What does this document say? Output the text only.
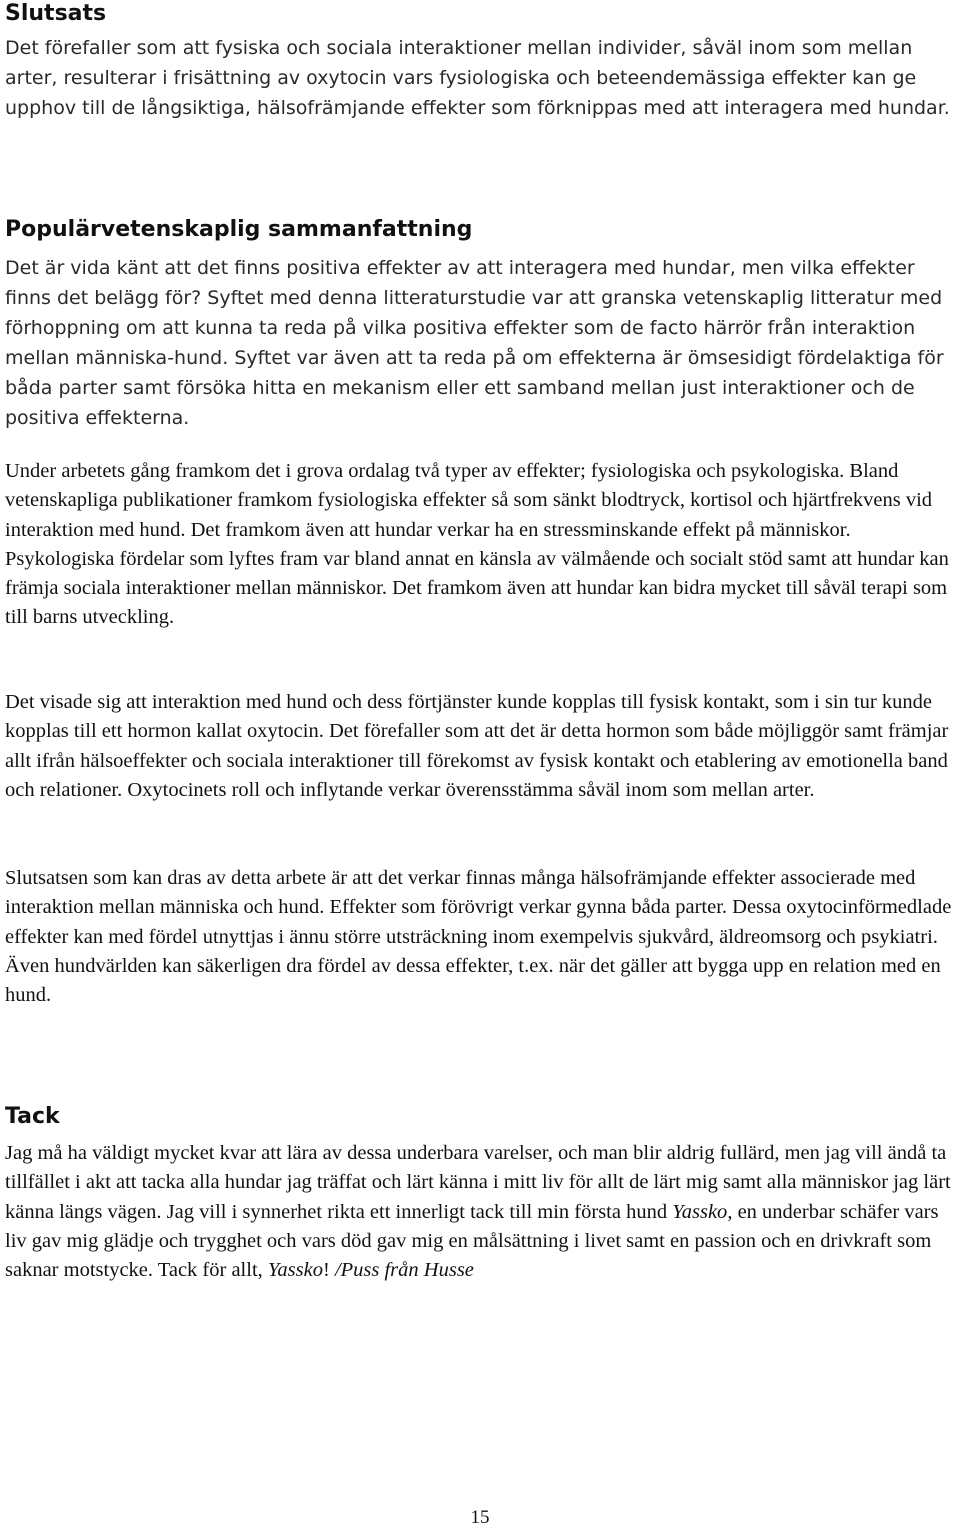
Slutsats

Det förefaller som att fysiska och sociala interaktioner mellan individer, såväl inom som mellan arter, resulterar i frisättning av oxytocin vars fysiologiska och beteendemässiga effekter kan ge upphov till de långsiktiga, hälsofrämjande effekter som förknippas med att interagera med hundar.

Populärvetenskaplig sammanfattning

Det är vida känt att det finns positiva effekter av att interagera med hundar, men vilka effekter finns det belägg för? Syftet med denna litteraturstudie var att granska vetenskaplig litteratur med förhoppning om att kunna ta reda på vilka positiva effekter som de facto härrör från interaktion mellan människa-hund. Syftet var även att ta reda på om effekterna är ömsesidigt fördelaktiga för båda parter samt försöka hitta en mekanism eller ett samband mellan just interaktioner och de positiva effekterna.

Under arbetets gång framkom det i grova ordalag två typer av effekter; fysiologiska och psykologiska. Bland vetenskapliga publikationer framkom fysiologiska effekter så som sänkt blodtryck, kortisol och hjärtfrekvens vid interaktion med hund. Det framkom även att hundar verkar ha en stressminskande effekt på människor. Psykologiska fördelar som lyftes fram var bland annat en känsla av välmående och socialt stöd samt att hundar kan främja sociala interaktioner mellan människor. Det framkom även att hundar kan bidra mycket till såväl terapi som till barns utveckling.

Det visade sig att interaktion med hund och dess förtjänster kunde kopplas till fysisk kontakt, som i sin tur kunde kopplas till ett hormon kallat oxytocin. Det förefaller som att det är detta hormon som både möjliggör samt främjar allt ifrån hälsoeffekter och sociala interaktioner till förekomst av fysisk kontakt och etablering av emotionella band och relationer. Oxytocinets roll och inflytande verkar överensstämma såväl inom som mellan arter.

Slutsatsen som kan dras av detta arbete är att det verkar finnas många hälsofrämjande effekter associerade med interaktion mellan människa och hund. Effekter som förövrigt verkar gynna båda parter. Dessa oxytocinförmedlade effekter kan med fördel utnyttjas i ännu större utsträckning inom exempelvis sjukvård, äldreomsorg och psykiatri. Även hundvärlden kan säkerligen dra fördel av dessa effekter, t.ex. när det gäller att bygga upp en relation med en hund.

Tack

Jag må ha väldigt mycket kvar att lära av dessa underbara varelser, och man blir aldrig fullärd, men jag vill ändå ta tillfället i akt att tacka alla hundar jag träffat och lärt känna i mitt liv för allt de lärt mig samt alla människor jag lärt känna längs vägen. Jag vill i synnerhet rikta ett innerligt tack till min första hund Yassko, en underbar schäfer vars liv gav mig glädje och trygghet och vars död gav mig en målsättning i livet samt en passion och en drivkraft som saknar motstycke. Tack för allt, Yassko! /Puss från Husse

15
